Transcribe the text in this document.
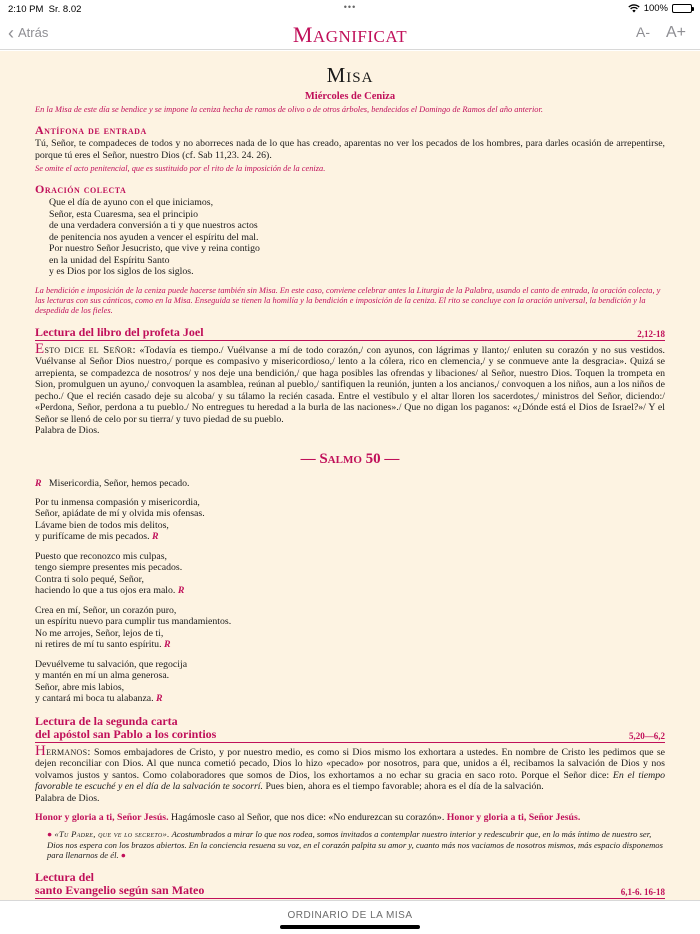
2:10 PM Sr. 8.02	•••	100%
‹ Atrás	MAGNIFICAT	A- A+
Misa
Miércoles de Ceniza
En la Misa de este día se bendice y se impone la ceniza hecha de ramos de olivo o de otros árboles, bendecidos el Domingo de Ramos del año anterior.
Antífona de entrada

Tú, Señor, te compadeces de todos y no aborreces nada de lo que has creado, aparentas no ver los pecados de los hombres, para darles ocasión de arrepentirse, porque tú eres el Señor, nuestro Dios (cf. Sab 11,23. 24. 26).

Se omite el acto penitencial, que es sustituido por el rito de la imposición de la ceniza.
Oración colecta
Que el día de ayuno con el que iniciamos,
Señor, esta Cuaresma, sea el principio
de una verdadera conversión a ti y que nuestros actos
de penitencia nos ayuden a vencer el espíritu del mal.
Por nuestro Señor Jesucristo, que vive y reina contigo
en la unidad del Espíritu Santo
y es Dios por los siglos de los siglos.
La bendición e imposición de la ceniza puede hacerse también sin Misa. En este caso, conviene celebrar antes la Liturgia de la Palabra, usando el canto de entrada, la oración colecta, y las lecturas con sus cánticos, como en la Misa. Enseguida se tienen la homilía y la bendición e imposición de la ceniza. El rito se concluye con la oración universal, la bendición y la despedida de los fieles.
Lectura del libro del profeta Joel	2,12-18

Esto dice el Señor: «Todavía es tiempo./ Vuélvanse a mí de todo corazón,/ con ayunos, con lágrimas y llanto;/ enluten su corazón y no sus vestidos. Vuélvanse al Señor Dios nuestro,/ porque es compasivo y misericordioso,/ lento a la cólera, rico en clemencia,/ y se conmueve ante la desgracia». Quizá se arrepienta, se compadezca de nosotros/ y nos deje una bendición,/ que haga posibles las ofrendas y libaciones/ al Señor, nuestro Dios. Toquen la trompeta en Sion, promulguen un ayuno,/ convoquen la asamblea, reúnan al pueblo,/ santifiquen la reunión, junten a los ancianos,/ convoquen a los niños, aun a los niños de pecho./ Que el recién casado deje su alcoba/ y su tálamo la recién casada. Entre el vestíbulo y el altar lloren los sacerdotes,/ ministros del Señor, diciendo:/ «Perdona, Señor, perdona a tu pueblo./ No entregues tu heredad a la burla de las naciones»./ Que no digan los paganos: «¿Dónde está el Dios de Israel?»/ Y el Señor se llenó de celo por su tierra/ y tuvo piedad de su pueblo.

Palabra de Dios.

— Salmo 50 —
R Misericordia, Señor, hemos pecado.
Por tu inmensa compasión y misericordia,
Señor, apiádate de mí y olvida mis ofensas.
Lávame bien de todos mis delitos,
y purifícame de mis pecados. R
Puesto que reconozco mis culpas,
tengo siempre presentes mis pecados.
Contra ti solo pequé, Señor,
haciendo lo que a tus ojos era malo. R
Crea en mí, Señor, un corazón puro,
un espíritu nuevo para cumplir tus mandamientos.
No me arrojes, Señor, lejos de ti,
ni retires de mí tu santo espíritu. R
Devuélveme tu salvación, que regocija
y mantén en mí un alma generosa.
Señor, abre mis labios,
y cantará mi boca tu alabanza. R
Lectura de la segunda carta
del apóstol san Pablo a los corintios	5,20—6,2

Hermanos: Somos embajadores de Cristo, y por nuestro medio, es como si Dios mismo los exhortara a ustedes. En nombre de Cristo les pedimos que se dejen reconciliar con Dios. Al que nunca cometió pecado, Dios lo hizo «pecado» por nosotros, para que, unidos a él, recibamos la salvación de Dios y nos volvamos justos y santos. Como colaboradores que somos de Dios, los exhortamos a no echar su gracia en saco roto. Porque el Señor dice: En el tiempo favorable te escuché y en el día de la salvación te socorrí. Pues bien, ahora es el tiempo favorable; ahora es el día de la salvación.

Palabra de Dios.

Honor y gloria a ti, Señor Jesús. Hagámosle caso al Señor, que nos dice: «No endurezcan su corazón». Honor y gloria a ti, Señor Jesús.
● «Tu Padre, que ve lo secreto». Acostumbrados a mirar lo que nos rodea, somos invitados a contemplar nuestro interior y redescubrir que, en lo más íntimo de nuestro ser, Dios nos espera con los brazos abiertos. En la conciencia resuena su voz, en el corazón palpita su amor y, cuanto más nos vaciamos de nosotros mismos, más espacio disponemos para llenarnos de él. ●
Lectura del
santo Evangelio según san Mateo	6,1-6. 16-18

ORDINARIO DE LA MISA
